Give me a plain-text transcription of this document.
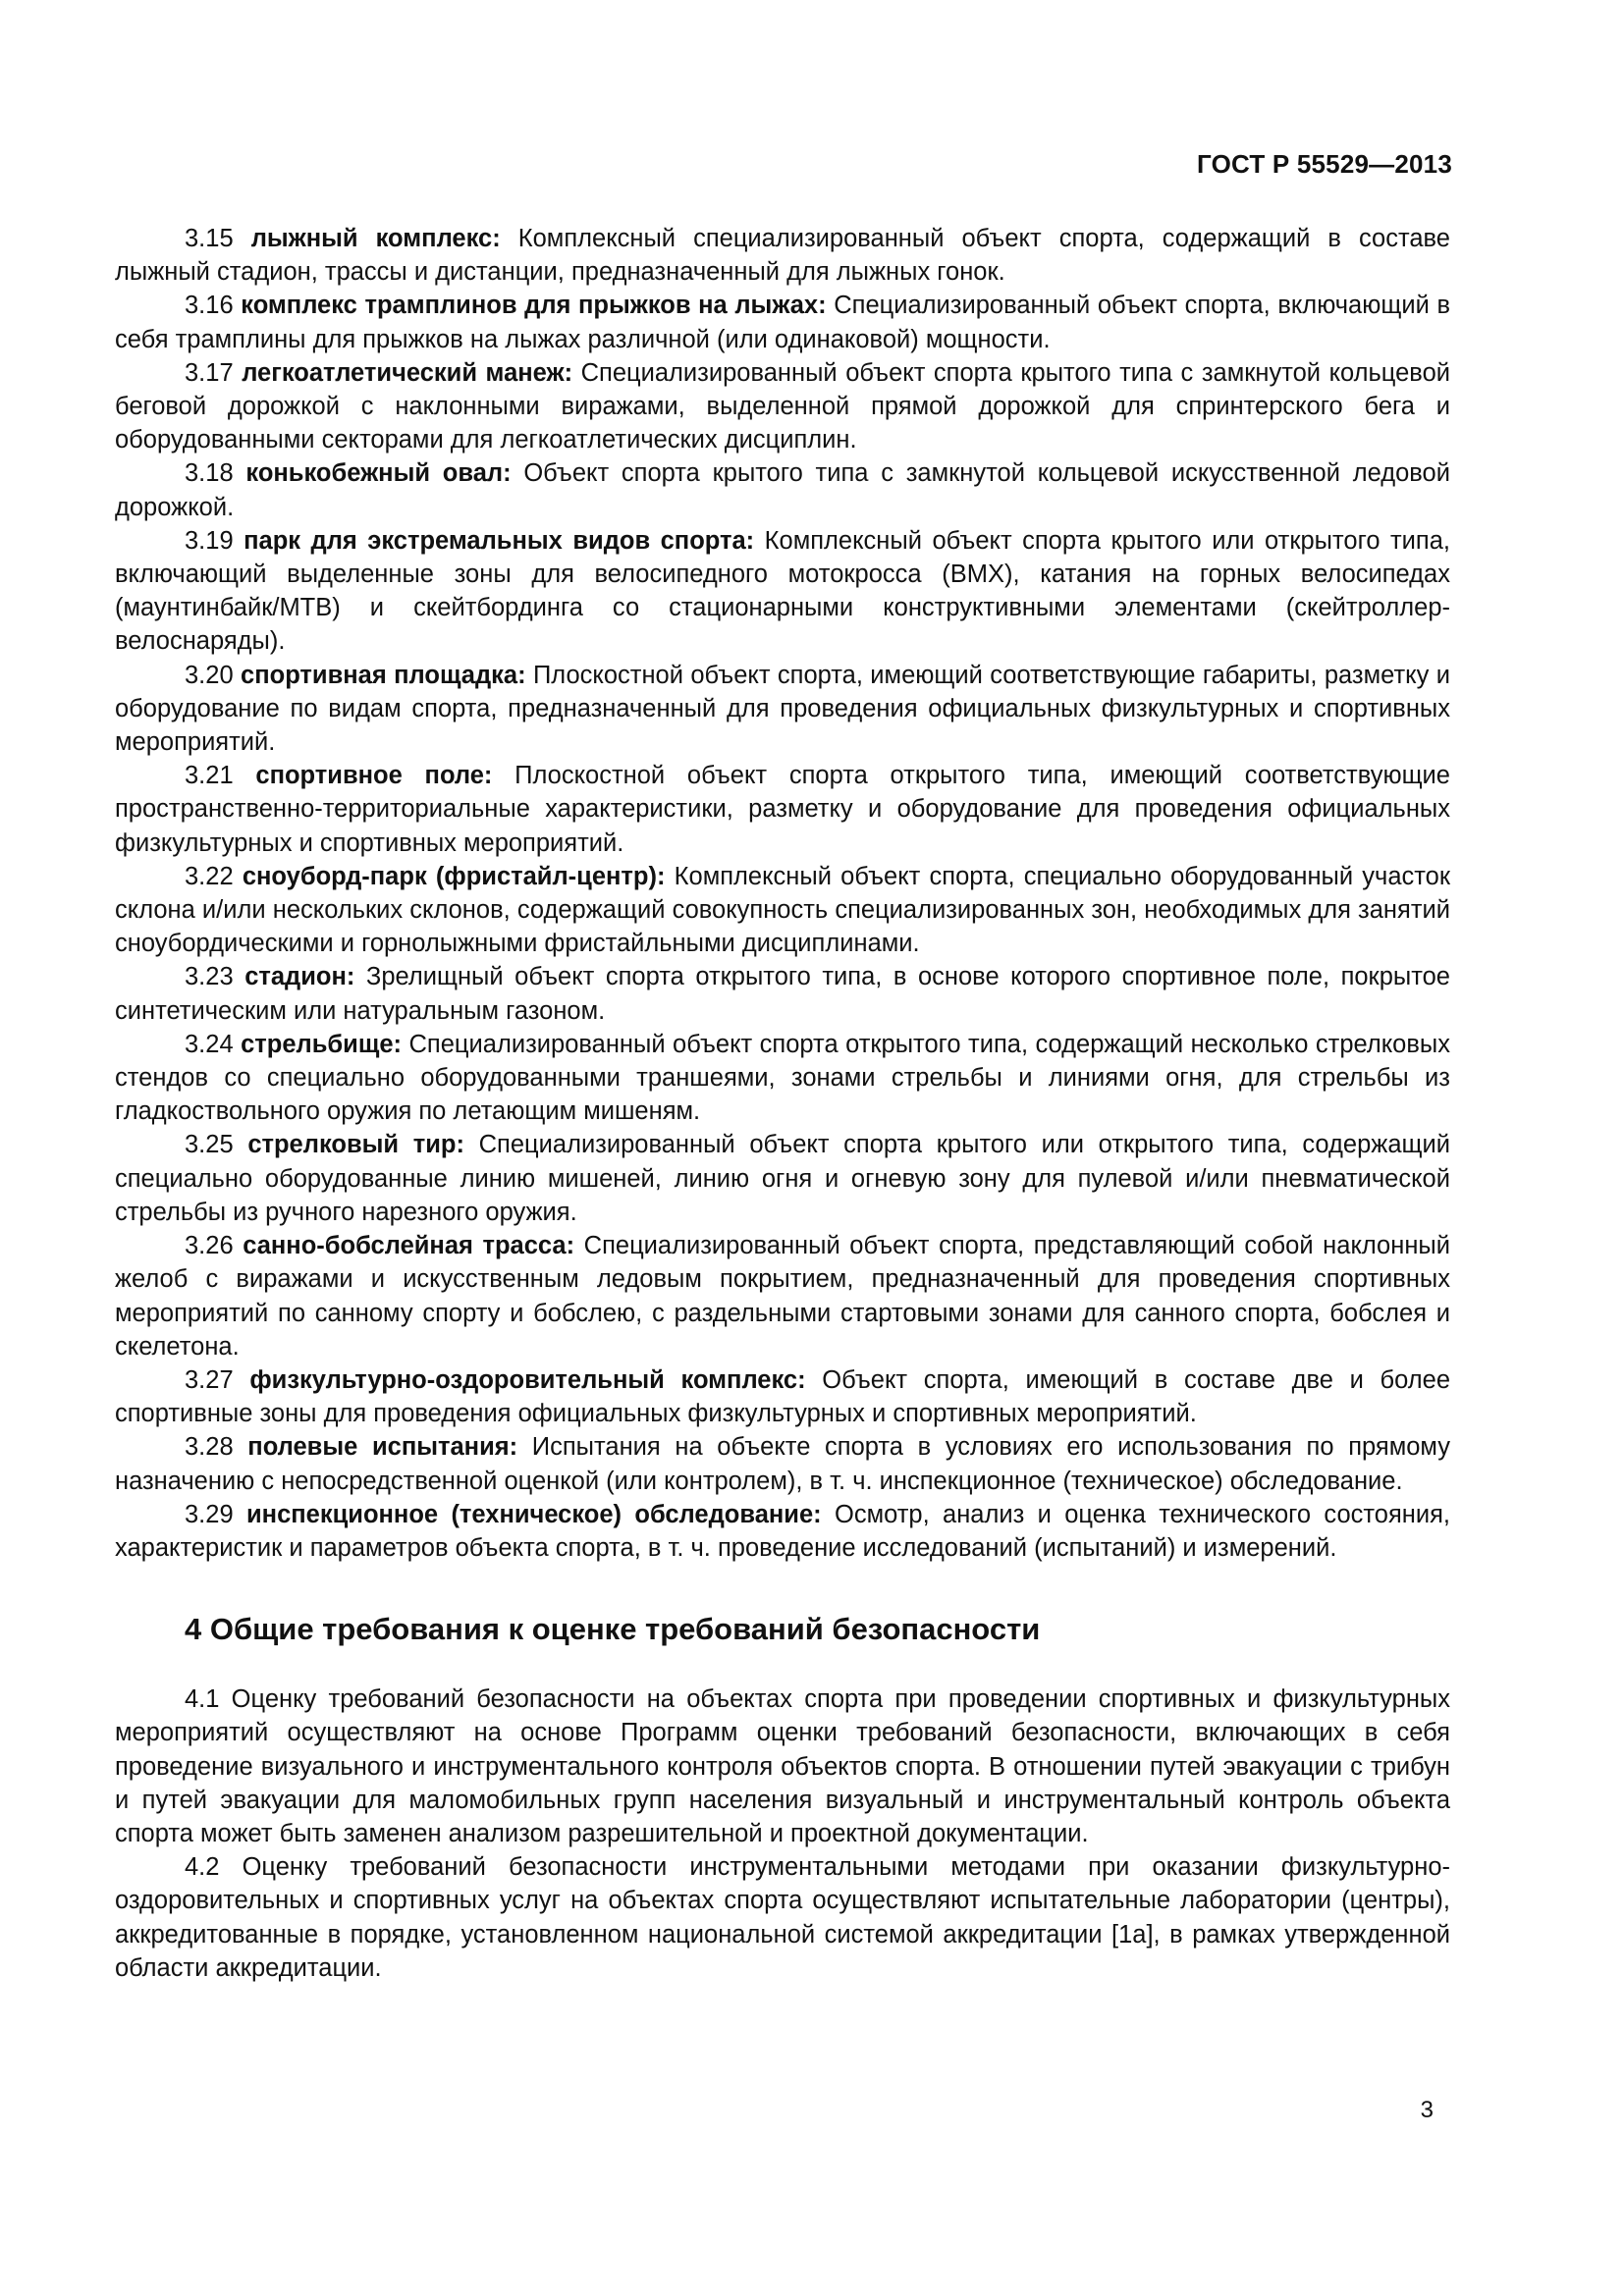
ГОСТ Р 55529—2013

3.15 лыжный комплекс: Комплексный специализированный объект спорта, содержащий в составе лыжный стадион, трассы и дистанции, предназначенный для лыжных гонок.

3.16 комплекс трамплинов для прыжков на лыжах: Специализированный объект спорта, включающий в себя трамплины для прыжков на лыжах различной (или одинаковой) мощности.

3.17 легкоатлетический манеж: Специализированный объект спорта крытого типа с замкнутой кольцевой беговой дорожкой с наклонными виражами, выделенной прямой дорожкой для спринтерского бега и оборудованными секторами для легкоатлетических дисциплин.

3.18 конькобежный овал: Объект спорта крытого типа с замкнутой кольцевой искусственной ледовой дорожкой.

3.19 парк для экстремальных видов спорта: Комплексный объект спорта крытого или открытого типа, включающий выделенные зоны для велосипедного мотокросса (BMX), катания на горных велосипедах (маунтинбайк/MTB) и скейтбординга со стационарными конструктивными элементами (скейтроллер-велоснаряды).

3.20 спортивная площадка: Плоскостной объект спорта, имеющий соответствующие габариты, разметку и оборудование по видам спорта, предназначенный для проведения официальных физкультурных и спортивных мероприятий.

3.21 спортивное поле: Плоскостной объект спорта открытого типа, имеющий соответствующие пространственно-территориальные характеристики, разметку и оборудование для проведения официальных физкультурных и спортивных мероприятий.

3.22 сноуборд-парк (фристайл-центр): Комплексный объект спорта, специально оборудованный участок склона и/или нескольких склонов, содержащий совокупность специализированных зон, необходимых для занятий сноубордическими и горнолыжными фристайльными дисциплинами.

3.23 стадион: Зрелищный объект спорта открытого типа, в основе которого спортивное поле, покрытое синтетическим или натуральным газоном.

3.24 стрельбище: Специализированный объект спорта открытого типа, содержащий несколько стрелковых стендов со специально оборудованными траншеями, зонами стрельбы и линиями огня, для стрельбы из гладкоствольного оружия по летающим мишеням.

3.25 стрелковый тир: Специализированный объект спорта крытого или открытого типа, содержащий специально оборудованные линию мишеней, линию огня и огневую зону для пулевой и/или пневматической стрельбы из ручного нарезного оружия.

3.26 санно-бобслейная трасса: Специализированный объект спорта, представляющий собой наклонный желоб с виражами и искусственным ледовым покрытием, предназначенный для проведения спортивных мероприятий по санному спорту и бобслею, с раздельными стартовыми зонами для санного спорта, бобслея и скелетона.

3.27 физкультурно-оздоровительный комплекс: Объект спорта, имеющий в составе две и более спортивные зоны для проведения официальных физкультурных и спортивных мероприятий.

3.28 полевые испытания: Испытания на объекте спорта в условиях его использования по прямому назначению с непосредственной оценкой (или контролем), в т. ч. инспекционное (техническое) обследование.

3.29 инспекционное (техническое) обследование: Осмотр, анализ и оценка технического состояния, характеристик и параметров объекта спорта, в т. ч. проведение исследований (испытаний) и измерений.

4 Общие требования к оценке требований безопасности

4.1 Оценку требований безопасности на объектах спорта при проведении спортивных и физкультурных мероприятий осуществляют на основе Программ оценки требований безопасности, включающих в себя проведение визуального и инструментального контроля объектов спорта. В отношении путей эвакуации с трибун и путей эвакуации для маломобильных групп населения визуальный и инструментальный контроль объекта спорта может быть заменен анализом разрешительной и проектной документации.

4.2 Оценку требований безопасности инструментальными методами при оказании физкультурно-оздоровительных и спортивных услуг на объектах спорта осуществляют испытательные лаборатории (центры), аккредитованные в порядке, установленном национальной системой аккредитации [1а], в рамках утвержденной области аккредитации.

3
